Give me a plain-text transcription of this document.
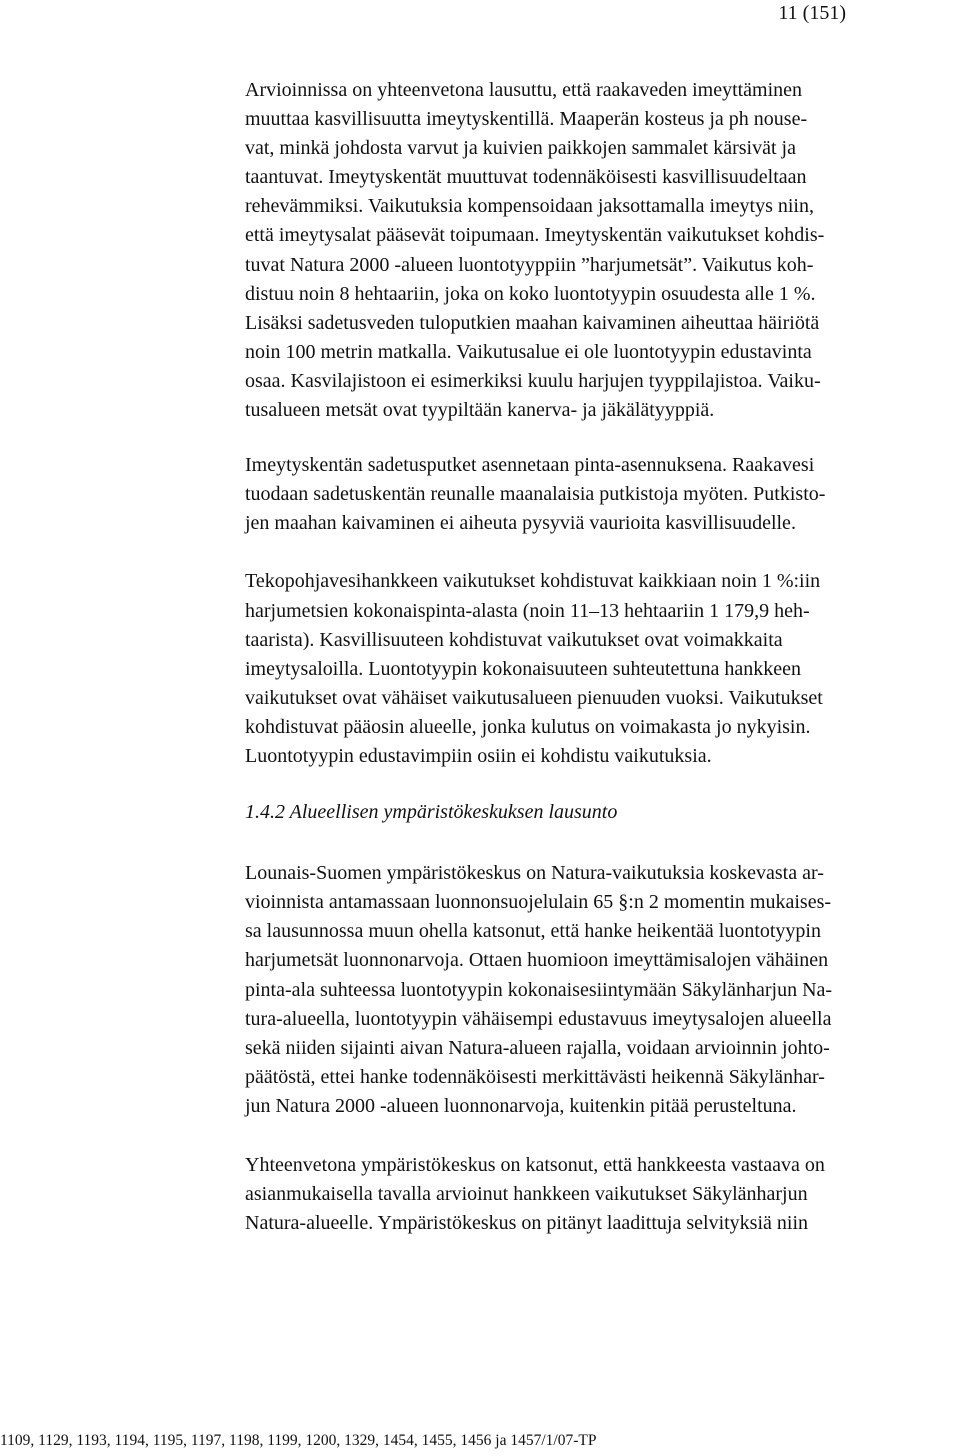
11 (151)

Arvioinnissa on yhteenvetona lausuttu, että raakaveden imeyttäminen
muuttaa kasvillisuutta imeytyskentillä. Maaperän kosteus ja ph nouse-
vat, minkä johdosta varvut ja kuivien paikkojen sammalet kärsivät ja
taantuvat. Imeytyskentät muuttuvat todennäköisesti kasvillisuudeltaan
rehevämmiksi. Vaikutuksia kompensoidaan jaksottamalla imeytys niin,
että imeytysalat pääsevät toipumaan. Imeytyskentän vaikutukset kohdis-
tuvat Natura 2000 -alueen luontotyyppiin ”harjumetsät”. Vaikutus koh-
distuu noin 8 hehtaariin, joka on koko luontotyypin osuudesta alle 1 %.
Lisäksi sadetusveden tuloputkien maahan kaivaminen aiheuttaa häiriötä
noin 100 metrin matkalla. Vaikutusalue ei ole luontotyypin edustavinta
osaa. Kasvilajistoon ei esimerkiksi kuulu harjujen tyyppilajistoa. Vaiku-
tusalueen metsät ovat tyypiltään kanerva- ja jäkälätyyppiä.

Imeytyskentän sadetusputket asennetaan pinta-asennuksena. Raakavesi
tuodaan sadetuskentän reunalle maanalaisia putkistoja myöten. Putkisto-
jen maahan kaivaminen ei aiheuta pysyviä vaurioita kasvillisuudelle.

Tekopohjavesihankkeen vaikutukset kohdistuvat kaikkiaan noin 1 %:iin
harjumetsien kokonaispinta-alasta (noin 11–13 hehtaariin 1 179,9 heh-
taarista). Kasvillisuuteen kohdistuvat vaikutukset ovat voimakkaita
imeytysaloilla. Luontotyypin kokonaisuuteen suhteutettuna hankkeen
vaikutukset ovat vähäiset vaikutusalueen pienuuden vuoksi. Vaikutukset
kohdistuvat pääosin alueelle, jonka kulutus on voimakasta jo nykyisin.
Luontotyypin edustavimpiin osiin ei kohdistu vaikutuksia.

1.4.2 Alueellisen ympäristökeskuksen lausunto

Lounais-Suomen ympäristökeskus on Natura-vaikutuksia koskevasta ar-
vioinnista antamassaan luonnonsuojelulain 65 §:n 2 momentin mukaises-
sa lausunnossa muun ohella katsonut, että hanke heikentää luontotyypin
harjumetsät luonnonarvoja. Ottaen huomioon imeyttämisalojen vähäinen
pinta-ala suhteessa luontotyypin kokonaisesiintymään Säkylänharjun Na-
tura-alueella, luontotyypin vähäisempi edustavuus imeytysalojen alueella
sekä niiden sijainti aivan Natura-alueen rajalla, voidaan arvioinnin johto-
päätöstä, ettei hanke todennäköisesti merkittävästi heikennä Säkylänhar-
jun Natura 2000 -alueen luonnonarvoja, kuitenkin pitää perusteltuna.

Yhteenvetona ympäristökeskus on katsonut, että hankkeesta vastaava on
asianmukaisella tavalla arvioinut hankkeen vaikutukset Säkylänharjun
Natura-alueelle. Ympäristökeskus on pitänyt laadittuja selvityksiä niin

1109, 1129, 1193, 1194, 1195, 1197, 1198, 1199, 1200, 1329, 1454, 1455, 1456 ja 1457/1/07-TP
